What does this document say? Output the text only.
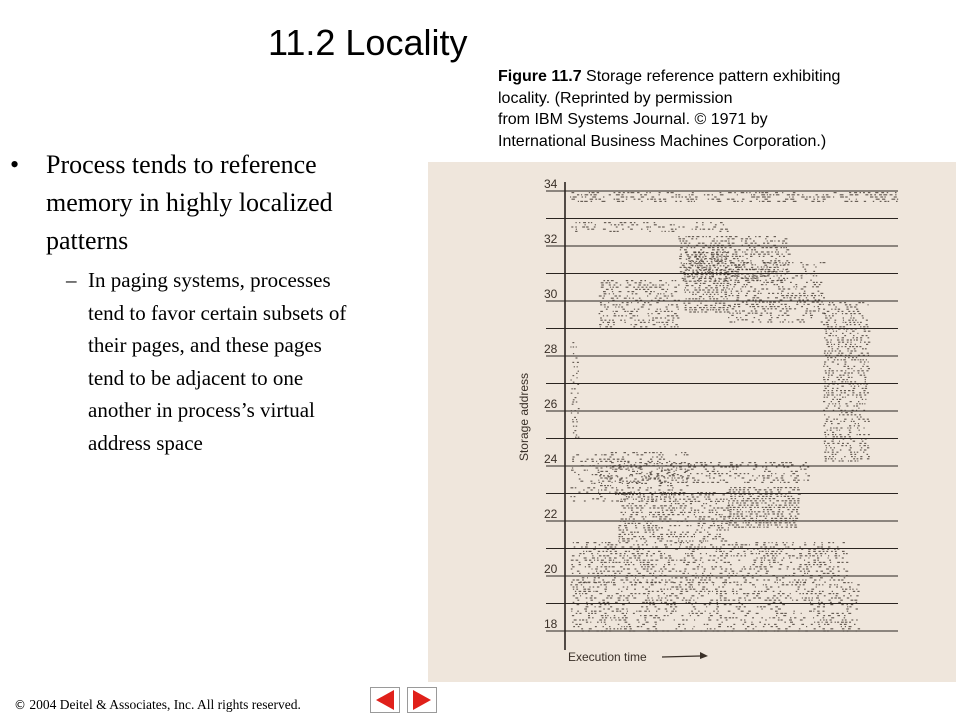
11.2 Locality
Figure 11.7 Storage reference pattern exhibiting
locality. (Reprinted by permission
from IBM Systems Journal. © 1971 by
International Business Machines Corporation.)
• Process tends to reference
memory in highly localized
patterns
– In paging systems, processes
tend to favor certain subsets of
their pages, and these pages
tend to be adjacent to one
another in process’s virtual
address space
34
32
30
28
26
24
22
20
18
Storage address
Execution time
© 2004 Deitel & Associates, Inc. All rights reserved.
